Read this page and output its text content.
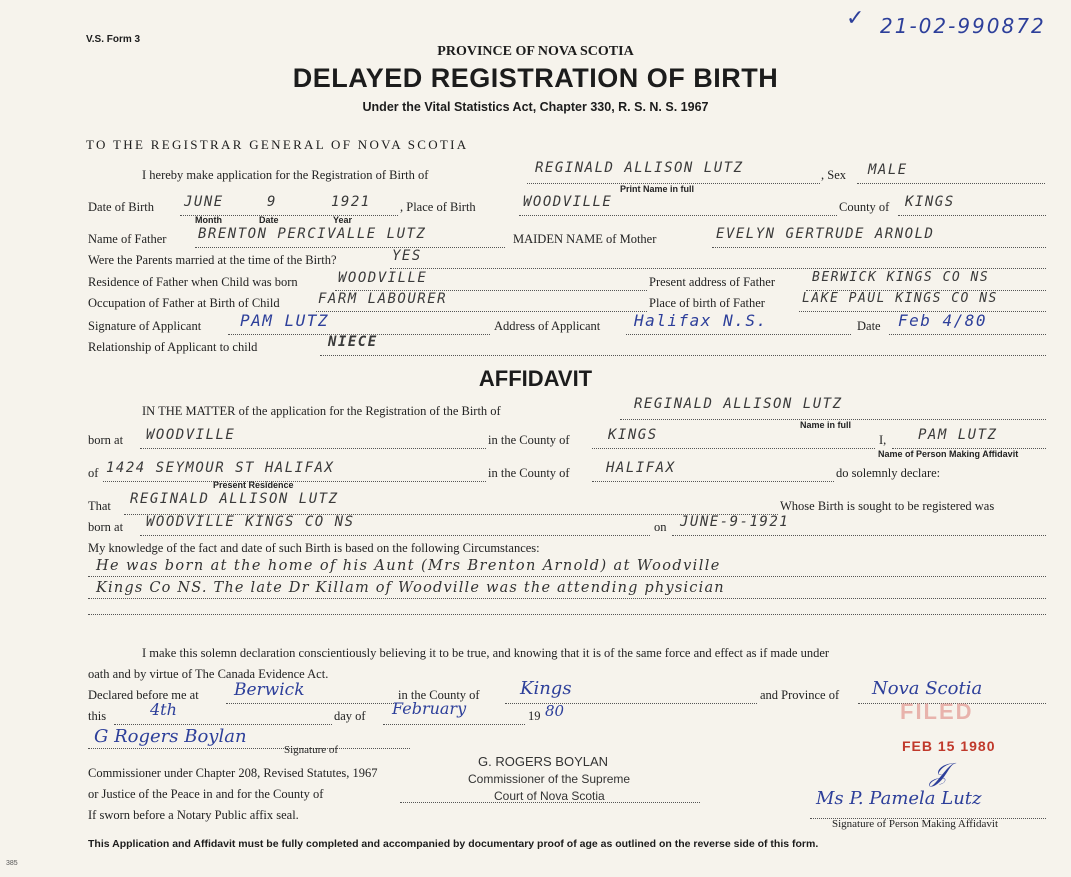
V.S. Form 3
21-02-990872
✓
PROVINCE OF NOVA SCOTIA
DELAYED REGISTRATION OF BIRTH
Under the Vital Statistics Act, Chapter 330, R. S. N. S. 1967
TO THE REGISTRAR GENERAL OF NOVA SCOTIA
I hereby make application for the Registration of Birth of	REGINALD ALLISON LUTZ
Print Name in full
, Sex MALE
Date of Birth JUNE	9	1921
Month	Date	Year
, Place of Birth	WOODVILLE	County of KINGS
Name of Father BRENTON PERCIVALLE LUTZ	MAIDEN NAME of Mother	EVELYN GERTRUDE ARNOLD
Were the Parents married at the time of the Birth?	YES
Residence of Father when Child was born	WOODVILLE	Present address of Father	BERWICK KINGS CO NS
Occupation of Father at Birth of Child	FARM LABOURER	Place of birth of Father	LAKE PAUL KINGS CO NS
Signature of Applicant PAM LUTZ	Address of Applicant Halifax N.S.	Date Feb 4/80
Relationship of Applicant to child	NIECE
AFFIDAVIT
IN THE MATTER of the application for the Registration of the Birth of	REGINALD ALLISON LUTZ
Name in full
born at WOODVILLE	in the County of	KINGS	I, PAM LUTZ
Name of Person Making Affidavit
of 1424 SEYMOUR ST HALIFAX
Present Residence
in the County of	HALIFAX	do solemnly declare:
That REGINALD ALLISON LUTZ	Whose Birth is sought to be registered was
born at WOODVILLE KINGS CO NS	on JUNE-9-1921
My knowledge of the fact and date of such Birth is based on the following Circumstances:
He was born at the home of his Aunt (Mrs Brenton Arnold) at Woodville
Kings Co NS. The late Dr Killam of Woodville was the attending physician
I make this solemn declaration conscientiously believing it to be true, and knowing that it is of the same force and effect as if made under
oath and by virtue of The Canada Evidence Act.
Declared before me at Berwick	in the County of Kings	and Province of Nova Scotia
this	4th	day of February	19 80
G Rogers Boylan
Signature of
Commissioner under Chapter 208, Revised Statutes, 1967
or Justice of the Peace in and for the County of
If sworn before a Notary Public affix seal.
G. ROGERS BOYLAN
Commissioner of the Supreme
Court of Nova Scotia
FILED
FEB 15 1980
Ms P. Pamela Lutz
𝒥
Signature of Person Making Affidavit
This Application and Affidavit must be fully completed and accompanied by documentary proof of age as outlined on the reverse side of this form.
385
